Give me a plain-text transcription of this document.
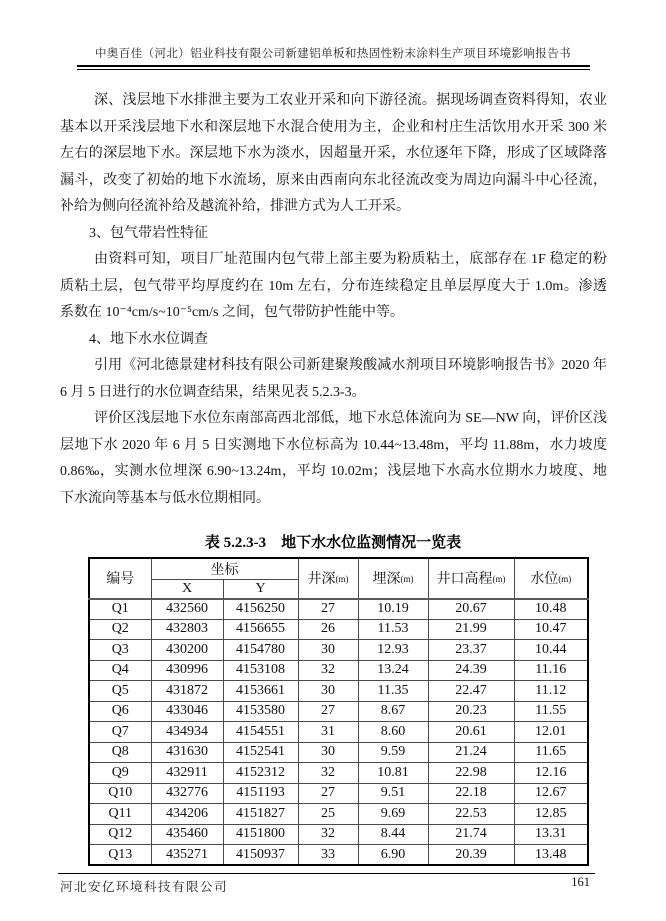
中奥百佳（河北）铝业科技有限公司新建铝单板和热固性粉末涂料生产项目环境影响报告书
深、浅层地下水排泄主要为工农业开采和向下游径流。据现场调查资料得知，农业
基本以开采浅层地下水和深层地下水混合使用为主，企业和村庄生活饮用水开采 300 米
左右的深层地下水。深层地下水为淡水，因超量开采，水位逐年下降，形成了区域降落
漏斗，改变了初始的地下水流场，原来由西南向东北径流改变为周边向漏斗中心径流，
补给为侧向径流补给及越流补给，排泄方式为人工开采。
3、包气带岩性特征
由资料可知，项目厂址范围内包气带上部主要为粉质粘土，底部存在 1F 稳定的粉
质粘土层，包气带平均厚度约在 10m 左右，分布连续稳定且单层厚度大于 1.0m。渗透
系数在 10⁻⁴cm/s~10⁻⁵cm/s 之间，包气带防护性能中等。
4、地下水水位调查
引用《河北德景建材科技有限公司新建聚羧酸减水剂项目环境影响报告书》2020 年
6 月 5 日进行的水位调查结果，结果见表 5.2.3-3。
评价区浅层地下水位东南部高西北部低，地下水总体流向为 SE—NW 向，评价区浅
层地下水 2020 年 6 月 5 日实测地下水位标高为 10.44~13.48m，平均 11.88m，水力坡度
0.86‰，实测水位埋深 6.90~13.24m，平均 10.02m；浅层地下水高水位期水力坡度、地
下水流向等基本与低水位期相同。
表 5.2.3-3 地下水水位监测情况一览表
编号	坐标		井深(m)	埋深(m)	井口高程(m)	水位(m)
	X	Y				
Q1	432560	4156250	27	10.19	20.67	10.48
Q2	432803	4156655	26	11.53	21.99	10.47
Q3	430200	4154780	30	12.93	23.37	10.44
Q4	430996	4153108	32	13.24	24.39	11.16
Q5	431872	4153661	30	11.35	22.47	11.12
Q6	433046	4153580	27	8.67	20.23	11.55
Q7	434934	4154551	31	8.60	20.61	12.01
Q8	431630	4152541	30	9.59	21.24	11.65
Q9	432911	4152312	32	10.81	22.98	12.16
Q10	432776	4151193	27	9.51	22.18	12.67
Q11	434206	4151827	25	9.69	22.53	12.85
Q12	435460	4151800	32	8.44	21.74	13.31
Q13	435271	4150937	33	6.90	20.39	13.48
河北安亿环境科技有限公司	161
